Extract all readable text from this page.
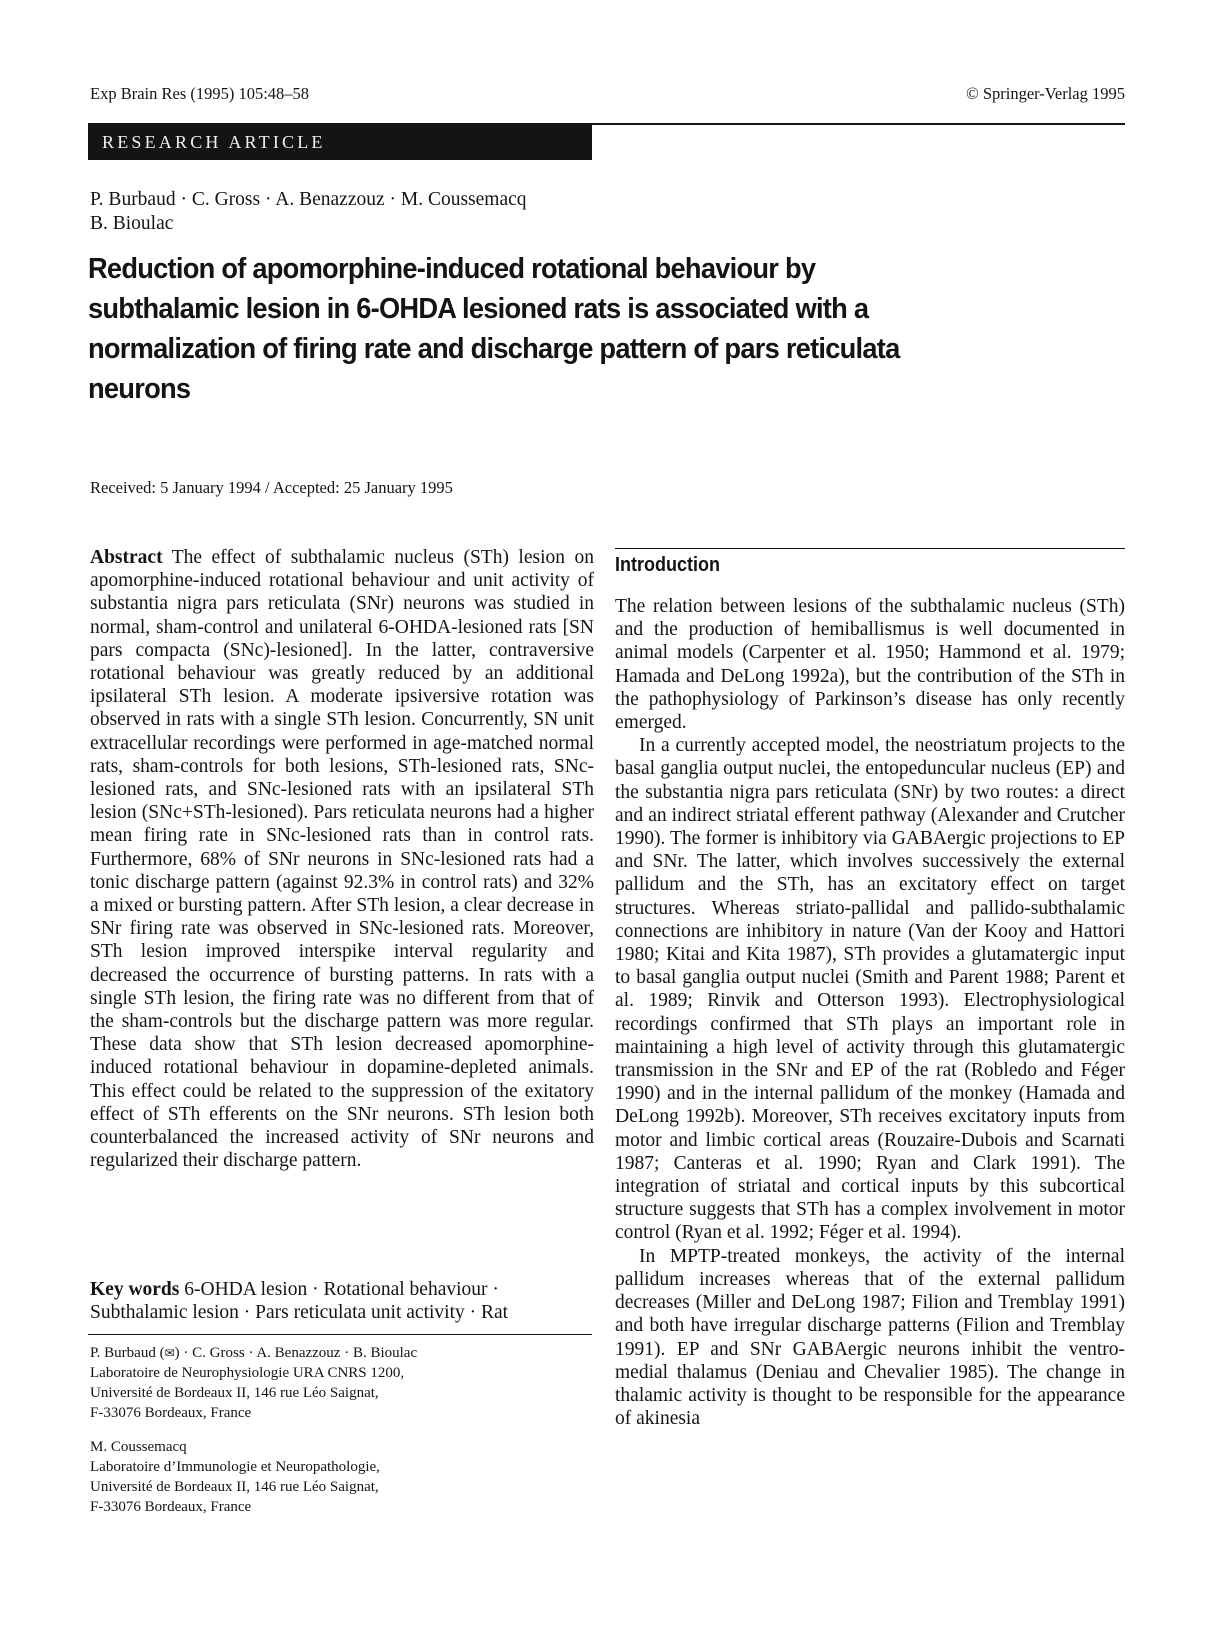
Exp Brain Res (1995) 105:48–58	© Springer-Verlag 1995
RESEARCH ARTICLE
P. Burbaud · C. Gross · A. Benazzouz · M. Coussemacq
B. Bioulac
Reduction of apomorphine-induced rotational behaviour by subthalamic lesion in 6-OHDA lesioned rats is associated with a normalization of firing rate and discharge pattern of pars reticulata neurons
Received: 5 January 1994 / Accepted: 25 January 1995

Abstract The effect of subthalamic nucleus (STh) lesion on apomorphine-induced rotational behaviour and unit activity of substantia nigra pars reticulata (SNr) neurons was studied in normal, sham-control and unilateral 6-OHDA-lesioned rats [SN pars compacta (SNc)-lesioned]. In the latter, contraversive rotational behaviour was greatly reduced by an additional ipsilateral STh lesion. A moderate ipsiversive rotation was observed in rats with a single STh lesion. Concurrently, SN unit extracellular recordings were performed in age-matched normal rats, sham-controls for both lesions, STh-lesioned rats, SNc-lesioned rats, and SNc-lesioned rats with an ipsilateral STh lesion (SNc+STh-lesioned). Pars reticulata neurons had a higher mean firing rate in SNc-lesioned rats than in control rats. Furthermore, 68% of SNr neurons in SNc-lesioned rats had a tonic discharge pattern (against 92.3% in control rats) and 32% a mixed or bursting pattern. After STh lesion, a clear decrease in SNr firing rate was observed in SNc-lesioned rats. Moreover, STh lesion improved interspike interval regularity and decreased the occurrence of bursting patterns. In rats with a single STh lesion, the firing rate was no different from that of the sham-controls but the discharge pattern was more regular. These data show that STh lesion decreased apomorphine-induced rotational behaviour in dopamine-depleted animals. This effect could be related to the suppression of the exitatory effect of STh efferents on the SNr neurons. STh lesion both counterbalanced the increased activity of SNr neurons and regularized their discharge pattern.

Key words 6-OHDA lesion · Rotational behaviour · Subthalamic lesion · Pars reticulata unit activity · Rat

P. Burbaud (✉) · C. Gross · A. Benazzouz · B. Bioulac
Laboratoire de Neurophysiologie URA CNRS 1200,
Université de Bordeaux II, 146 rue Léo Saignat,
F-33076 Bordeaux, France
M. Coussemacq
Laboratoire d’Immunologie et Neuropathologie,
Université de Bordeaux II, 146 rue Léo Saignat,
F-33076 Bordeaux, France
Introduction

The relation between lesions of the subthalamic nucleus (STh) and the production of hemiballismus is well documented in animal models (Carpenter et al. 1950; Hammond et al. 1979; Hamada and DeLong 1992a), but the contribution of the STh in the pathophysiology of Parkinson’s disease has only recently emerged.

In a currently accepted model, the neostriatum projects to the basal ganglia output nuclei, the entopeduncular nucleus (EP) and the substantia nigra pars reticulata (SNr) by two routes: a direct and an indirect striatal efferent pathway (Alexander and Crutcher 1990). The former is inhibitory via GABAergic projections to EP and SNr. The latter, which involves successively the external pallidum and the STh, has an excitatory effect on target structures. Whereas striato-pallidal and pallido-subthalamic connections are inhibitory in nature (Van der Kooy and Hattori 1980; Kitai and Kita 1987), STh provides a glutamatergic input to basal ganglia output nuclei (Smith and Parent 1988; Parent et al. 1989; Rinvik and Otterson 1993). Electrophysiological recordings confirmed that STh plays an important role in maintaining a high level of activity through this glutamatergic transmission in the SNr and EP of the rat (Robledo and Féger 1990) and in the internal pallidum of the monkey (Hamada and DeLong 1992b). Moreover, STh receives excitatory inputs from motor and limbic cortical areas (Rouzaire-Dubois and Scarnati 1987; Canteras et al. 1990; Ryan and Clark 1991). The integration of striatal and cortical inputs by this subcortical structure suggests that STh has a complex involvement in motor control (Ryan et al. 1992; Féger et al. 1994).

In MPTP-treated monkeys, the activity of the internal pallidum increases whereas that of the external pallidum decreases (Miller and DeLong 1987; Filion and Tremblay 1991) and both have irregular discharge patterns (Filion and Tremblay 1991). EP and SNr GABAergic neurons inhibit the ventro-medial thalamus (Deniau and Chevalier 1985). The change in thalamic activity is thought to be responsible for the appearance of akinesia
